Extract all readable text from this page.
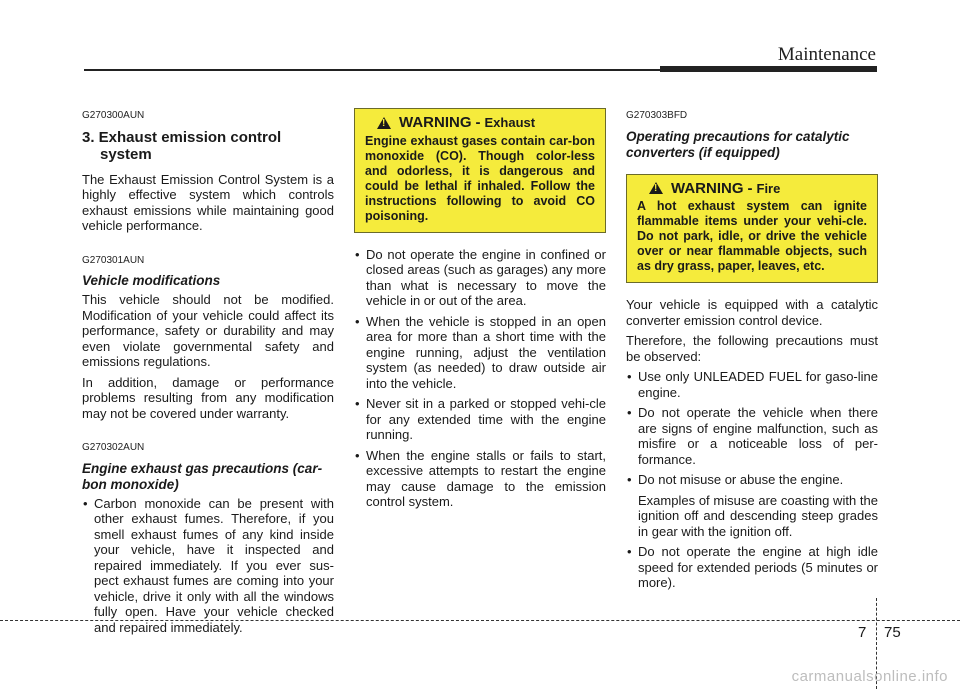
Maintenance
G270300AUN
3. Exhaust emission control system

The Exhaust Emission Control System is a highly effective system which controls exhaust emissions while maintaining good vehicle performance.

G270301AUN
Vehicle modifications

This vehicle should not be modified. Modification of your vehicle could affect its performance, safety or durability and may even violate governmental safety and emissions regulations.

In addition, damage or performance problems resulting from any modification may not be covered under warranty.

G270302AUN
Engine exhaust gas precautions (car-bon monoxide)
• Carbon monoxide can be present with other exhaust fumes. Therefore, if you smell exhaust fumes of any kind inside your vehicle, have it inspected and repaired immediately. If you ever sus-pect exhaust fumes are coming into your vehicle, drive it only with all the windows fully open. Have your vehicle checked and repaired immediately.
! WARNING - Exhaust
Engine exhaust gases contain car-bon monoxide (CO). Though color-less and odorless, it is dangerous and could be lethal if inhaled. Follow the instructions following to avoid CO poisoning.
• Do not operate the engine in confined or closed areas (such as garages) any more than what is necessary to move the vehicle in or out of the area.
• When the vehicle is stopped in an open area for more than a short time with the engine running, adjust the ventilation system (as needed) to draw outside air into the vehicle.
• Never sit in a parked or stopped vehi-cle for any extended time with the engine running.
• When the engine stalls or fails to start, excessive attempts to restart the engine may cause damage to the emission control system.
G270303BFD
Operating precautions for catalytic converters (if equipped)
! WARNING - Fire
A hot exhaust system can ignite flammable items under your vehi-cle. Do not park, idle, or drive the vehicle over or near flammable objects, such as dry grass, paper, leaves, etc.

Your vehicle is equipped with a catalytic converter emission control device.

Therefore, the following precautions must be observed:

• Use only UNLEADED FUEL for gaso-line engine.
• Do not operate the vehicle when there are signs of engine malfunction, such as misfire or a noticeable loss of per-formance.
• Do not misuse or abuse the engine.
Examples of misuse are coasting with the ignition off and descending steep grades in gear with the ignition off.
• Do not operate the engine at high idle speed for extended periods (5 minutes or more).
7 75
carmanualsonline.info
